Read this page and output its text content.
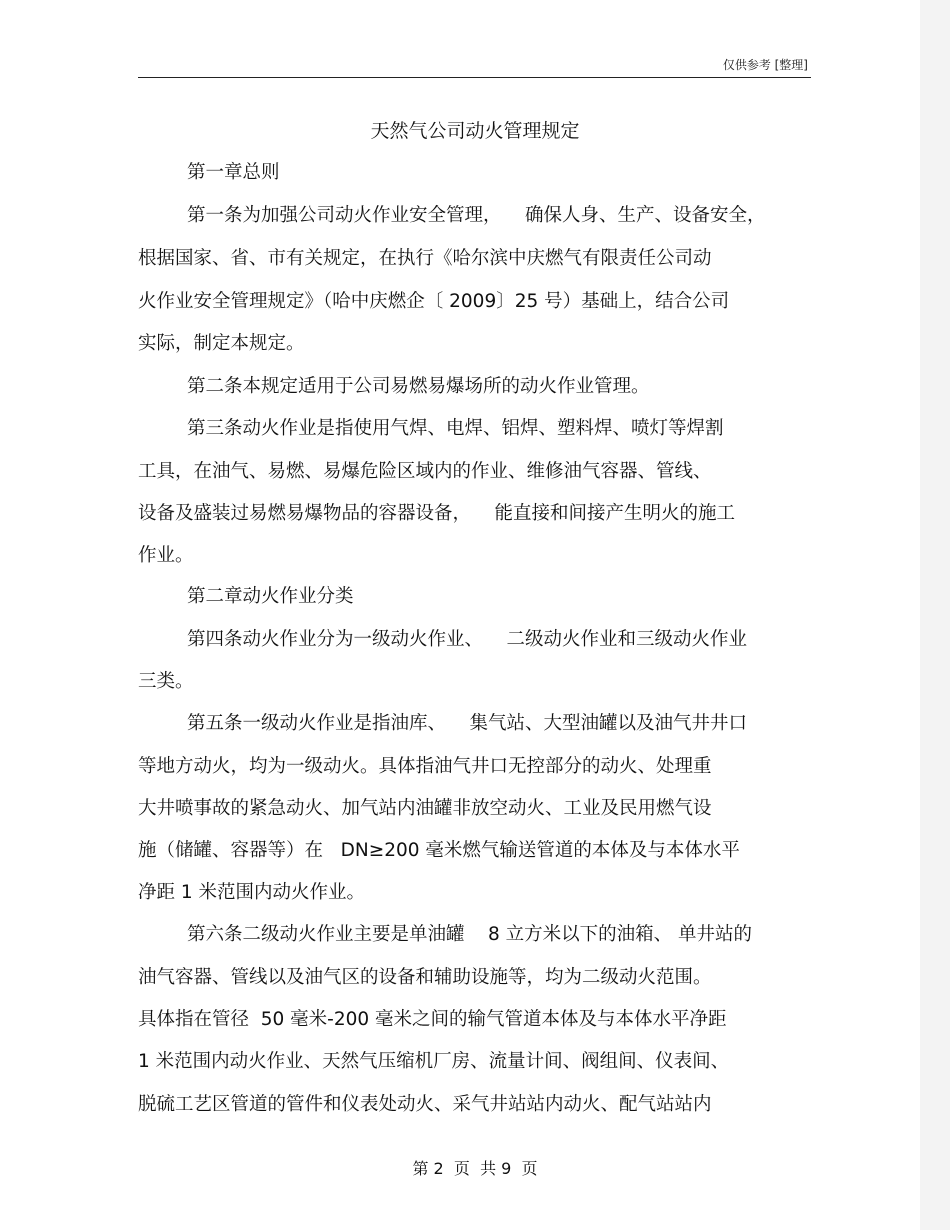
仅供参考 [整理]
天然气公司动火管理规定
第一章总则
第一条为加强公司动火作业安全管理，    确保人身、生产、设备安全，
根据国家、省、市有关规定，在执行《哈尔滨中庆燃气有限责任公司动
火作业安全管理规定》（哈中庆燃企〔 2009〕25 号）基础上，结合公司
实际，制定本规定。
第二条本规定适用于公司易燃易爆场所的动火作业管理。
第三条动火作业是指使用气焊、电焊、铝焊、塑料焊、喷灯等焊割
工具，在油气、易燃、易爆危险区域内的作业、维修油气容器、管线、
设备及盛装过易燃易爆物品的容器设备，    能直接和间接产生明火的施工
作业。
第二章动火作业分类
第四条动火作业分为一级动火作业、    二级动火作业和三级动火作业
三类。
第五条一级动火作业是指油库、    集气站、大型油罐以及油气井井口
等地方动火，均为一级动火。具体指油气井口无控部分的动火、处理重
大井喷事故的紧急动火、加气站内油罐非放空动火、工业及民用燃气设
施（储罐、容器等）在   DN≥200 毫米燃气输送管道的本体及与本体水平
净距 1 米范围内动火作业。
第六条二级动火作业主要是单油罐    8 立方米以下的油箱、 单井站的
油气容器、管线以及油气区的设备和辅助设施等，均为二级动火范围。
具体指在管径  50 毫米-200 毫米之间的输气管道本体及与本体水平净距
1 米范围内动火作业、天然气压缩机厂房、流量计间、阀组间、仪表间、
脱硫工艺区管道的管件和仪表处动火、采气井站站内动火、配气站站内
第 2  页  共 9  页
